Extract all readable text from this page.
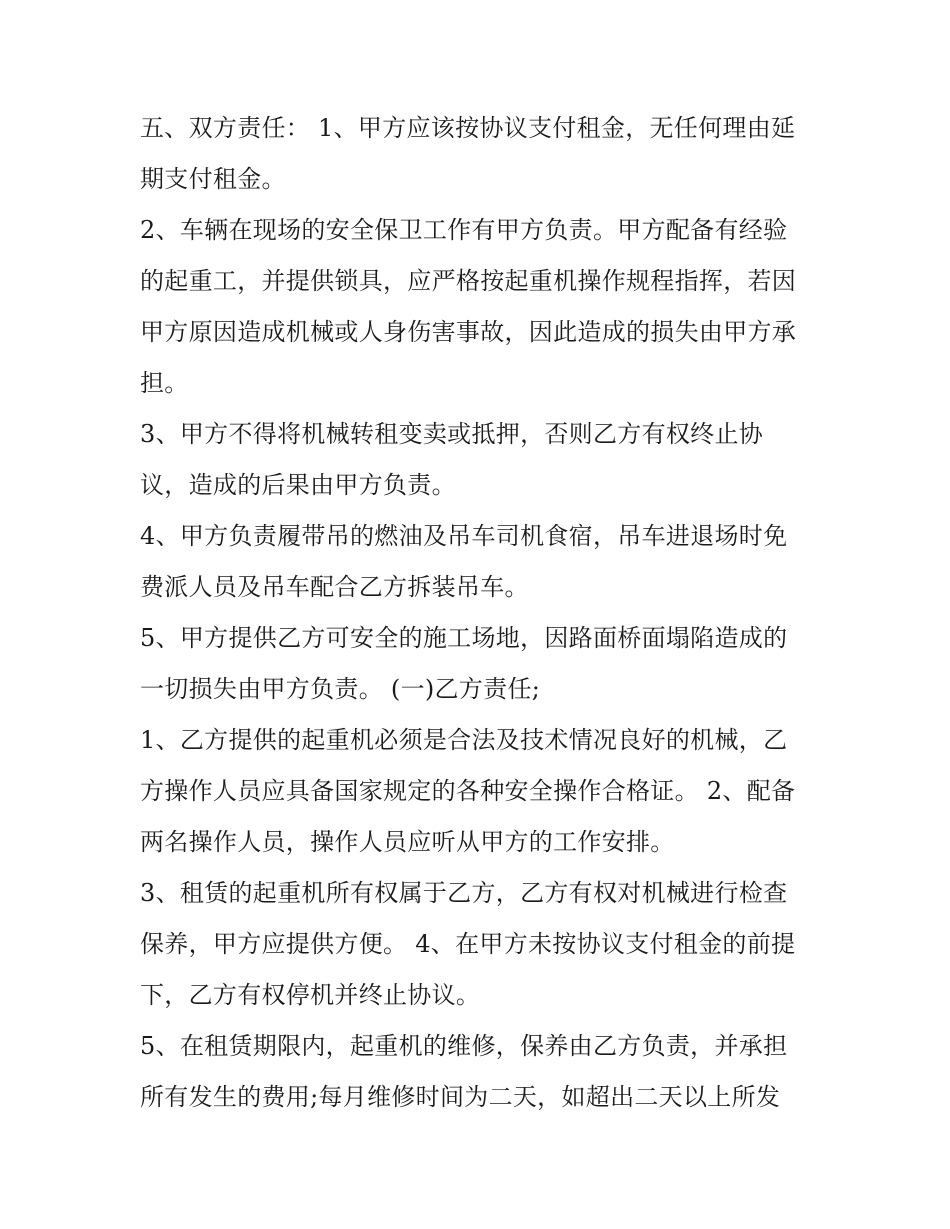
五、双方责任： 1、甲方应该按协议支付租金，无任何理由延
期支付租金。

2、车辆在现场的安全保卫工作有甲方负责。甲方配备有经验
的起重工，并提供锁具，应严格按起重机操作规程指挥，若因
甲方原因造成机械或人身伤害事故，因此造成的损失由甲方承
担。

3、甲方不得将机械转租变卖或抵押，否则乙方有权终止协
议，造成的后果由甲方负责。

4、甲方负责履带吊的燃油及吊车司机食宿，吊车进退场时免
费派人员及吊车配合乙方拆装吊车。

5、甲方提供乙方可安全的施工场地，因路面桥面塌陷造成的
一切损失由甲方负责。 (一)乙方责任;

1、乙方提供的起重机必须是合法及技术情况良好的机械，乙
方操作人员应具备国家规定的各种安全操作合格证。 2、配备
两名操作人员，操作人员应听从甲方的工作安排。

3、租赁的起重机所有权属于乙方，乙方有权对机械进行检查
保养，甲方应提供方便。 4、在甲方未按协议支付租金的前提
下，乙方有权停机并终止协议。

5、在租赁期限内，起重机的维修，保养由乙方负责，并承担
所有发生的费用;每月维修时间为二天，如超出二天以上所发
